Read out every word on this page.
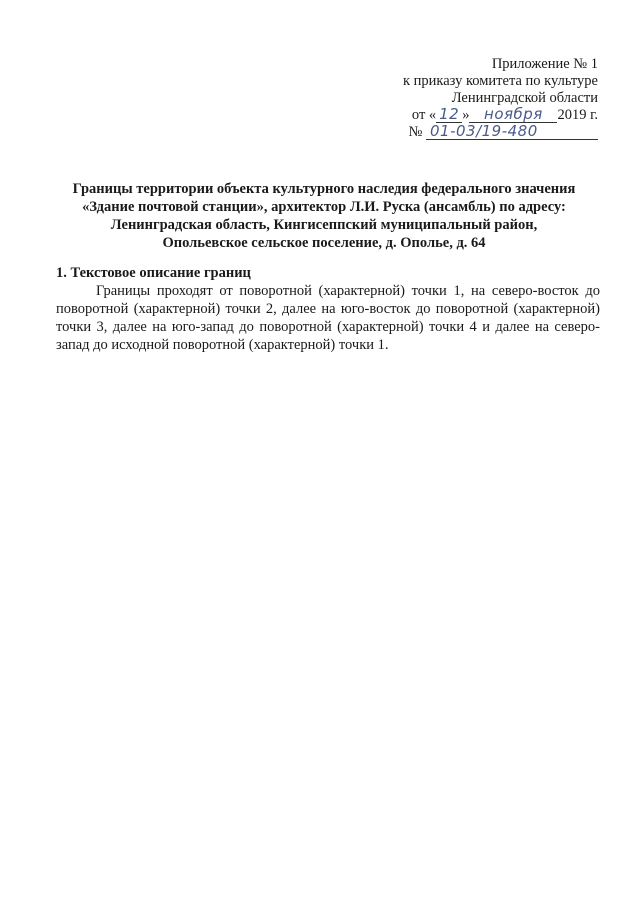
Приложение № 1
к приказу комитета по культуре
Ленинградской области
от « 12 » ноября 2019 г.
№ 01-03/19-480
Границы территории объекта культурного наследия федерального значения
«Здание почтовой станции», архитектор Л.И. Руска (ансамбль) по адресу:
Ленинградская область, Кингисеппский муниципальный район,
Опольевское сельское поселение, д. Ополье, д. 64
1. Текстовое описание границ

Границы проходят от поворотной (характерной) точки 1, на северо-восток до поворотной (характерной) точки 2, далее на юго-восток до поворотной (характерной) точки 3, далее на юго-запад до поворотной (характерной) точки 4 и далее на северо-запад до исходной поворотной (характерной) точки 1.
